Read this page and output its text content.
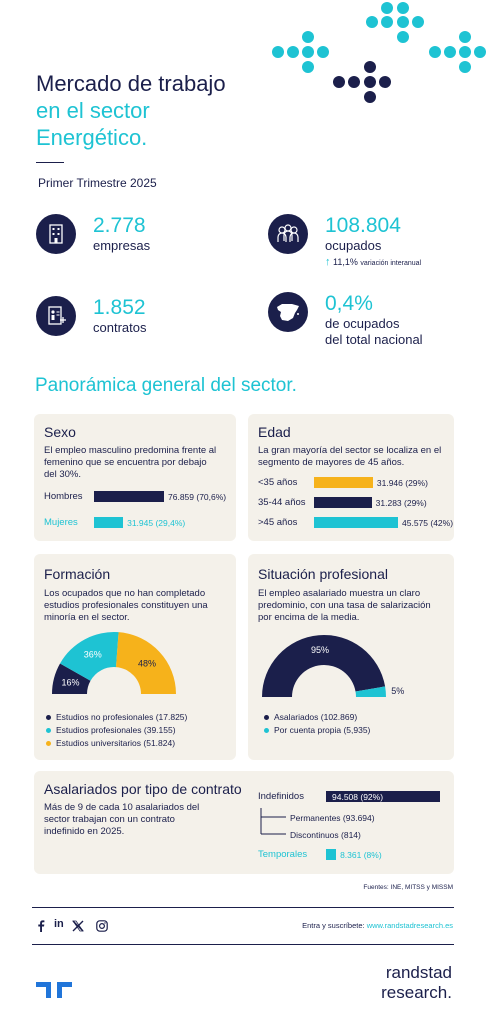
Mercado de trabajo
en el sector
Energético.
Primer Trimestre 2025
2.778
empresas
108.804
ocupados
↑ 11,1% variación interanual
1.852
contratos
0,4%
de ocupados
del total nacional
Panorámica general del sector.
Sexo
El empleo masculino predomina frente al
femenino que se encuentra por debajo
del 30%.
Hombres	76.859 (70,6%)
Mujeres	31.945 (29,4%)
Edad
La gran mayoría del sector se localiza en el
segmento de mayores de 45 años.
<35 años	31.946 (29%)
35-44 años	31.283 (29%)
>45 años	45.575 (42%)
Formación
Los ocupados que no han completado
estudios profesionales constituyen una
minoría en el sector.
16%
36%
48%
Estudios no profesionales (17.825)
Estudios profesionales (39.155)
Estudios universitarios (51.824)
Situación profesional
El empleo asalariado muestra un claro
predominio, con una tasa de salarización
por encima de la media.
95%
5%
Asalariados (102.869)
Por cuenta propia (5,935)
Asalariados por tipo de contrato
Más de 9 de cada 10 asalariados del
sector trabajan con un contrato
indefinido en 2025.
Indefinidos	94.508 (92%)
Temporales	8.361 (8%)
Permanentes (93.694)
Discontinuos (814)
Fuentes: INE, MITSS y MISSM
in	Entra y suscríbete: www.randstadresearch.es
randstad
research.
